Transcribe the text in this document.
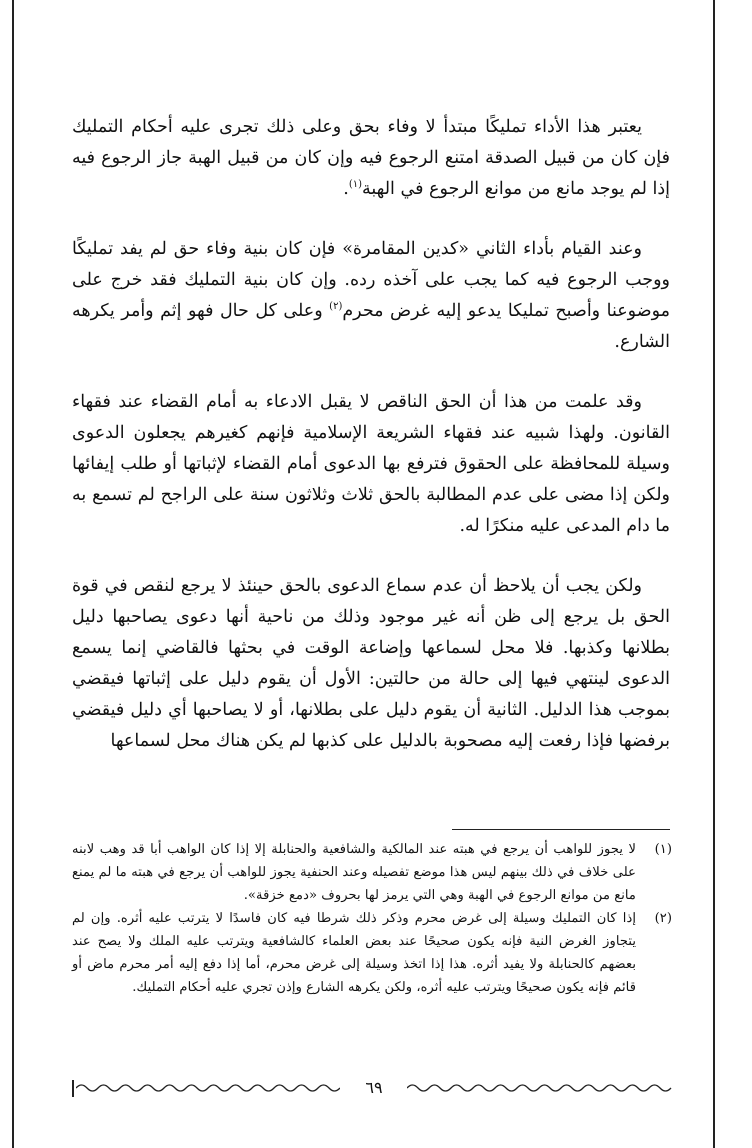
يعتبر هذا الأداء تمليكًا مبتدأ لا وفاء بحق وعلى ذلك تجرى عليه أحكام التمليك فإن كان من قبيل الصدقة امتنع الرجوع فيه وإن كان من قبيل الهبة جاز الرجوع فيه إذا لم يوجد مانع من موانع الرجوع في الهبة$^{(١)}$.

وعند القيام بأداء الثاني «كدين المقامرة» فإن كان بنية وفاء حق لم يفد تمليكًا ووجب الرجوع فيه كما يجب على آخذه رده. وإن كان بنية التمليك فقد خرج على موضوعنا وأصبح تمليكا يدعو إليه غرض محرم$^{(٢)}$ وعلى كل حال فهو إثم وأمر يكرهه الشارع.

وقد علمت من هذا أن الحق الناقص لا يقبل الادعاء به أمام القضاء عند فقهاء القانون. ولهذا شبيه عند فقهاء الشريعة الإسلامية فإنهم كغيرهم يجعلون الدعوى وسيلة للمحافظة على الحقوق فترفع بها الدعوى أمام القضاء لإثباتها أو طلب إيفائها ولكن إذا مضى على عدم المطالبة بالحق ثلاث وثلاثون سنة على الراجح لم تسمع به ما دام المدعى عليه منكرًا له.

ولكن يجب أن يلاحظ أن عدم سماع الدعوى بالحق حينئذ لا يرجع لنقص في قوة الحق بل يرجع إلى ظن أنه غير موجود وذلك من ناحية أنها دعوى يصاحبها دليل بطلانها وكذبها. فلا محل لسماعها وإضاعة الوقت في بحثها فالقاضي إنما يسمع الدعوى لينتهي فيها إلى حالة من حالتين: الأول أن يقوم دليل على إثباتها فيقضي بموجب هذا الدليل. الثانية أن يقوم دليل على بطلانها، أو لا يصاحبها أي دليل فيقضي برفضها فإذا رفعت إليه مصحوبة بالدليل على كذبها لم يكن هناك محل لسماعها

(١)
لا يجوز للواهب أن يرجع في هبته عند المالكية والشافعية والحنابلة إلا إذا كان الواهب أبا قد وهب لابنه على خلاف في ذلك بينهم ليس هذا موضع تفصيله وعند الحنفية يجوز للواهب أن يرجع في هبته ما لم يمنع مانع من موانع الرجوع في الهبة وهي التي يرمز لها بحروف «دمع خزقة».
(٢)
إذا كان التمليك وسيلة إلى غرض محرم وذكر ذلك شرطا فيه كان فاسدًا لا يترتب عليه أثره. وإن لم يتجاوز الغرض النية فإنه يكون صحيحًا عند بعض العلماء كالشافعية ويترتب عليه الملك ولا يصح عند بعضهم كالحنابلة ولا يفيد أثره. هذا إذا اتخذ وسيلة إلى غرض محرم، أما إذا دفع إليه أمر محرم ماض أو قائم فإنه يكون صحيحًا ويترتب عليه أثره، ولكن يكرهه الشارع وإذن تجري عليه أحكام التمليك.
٦٩
